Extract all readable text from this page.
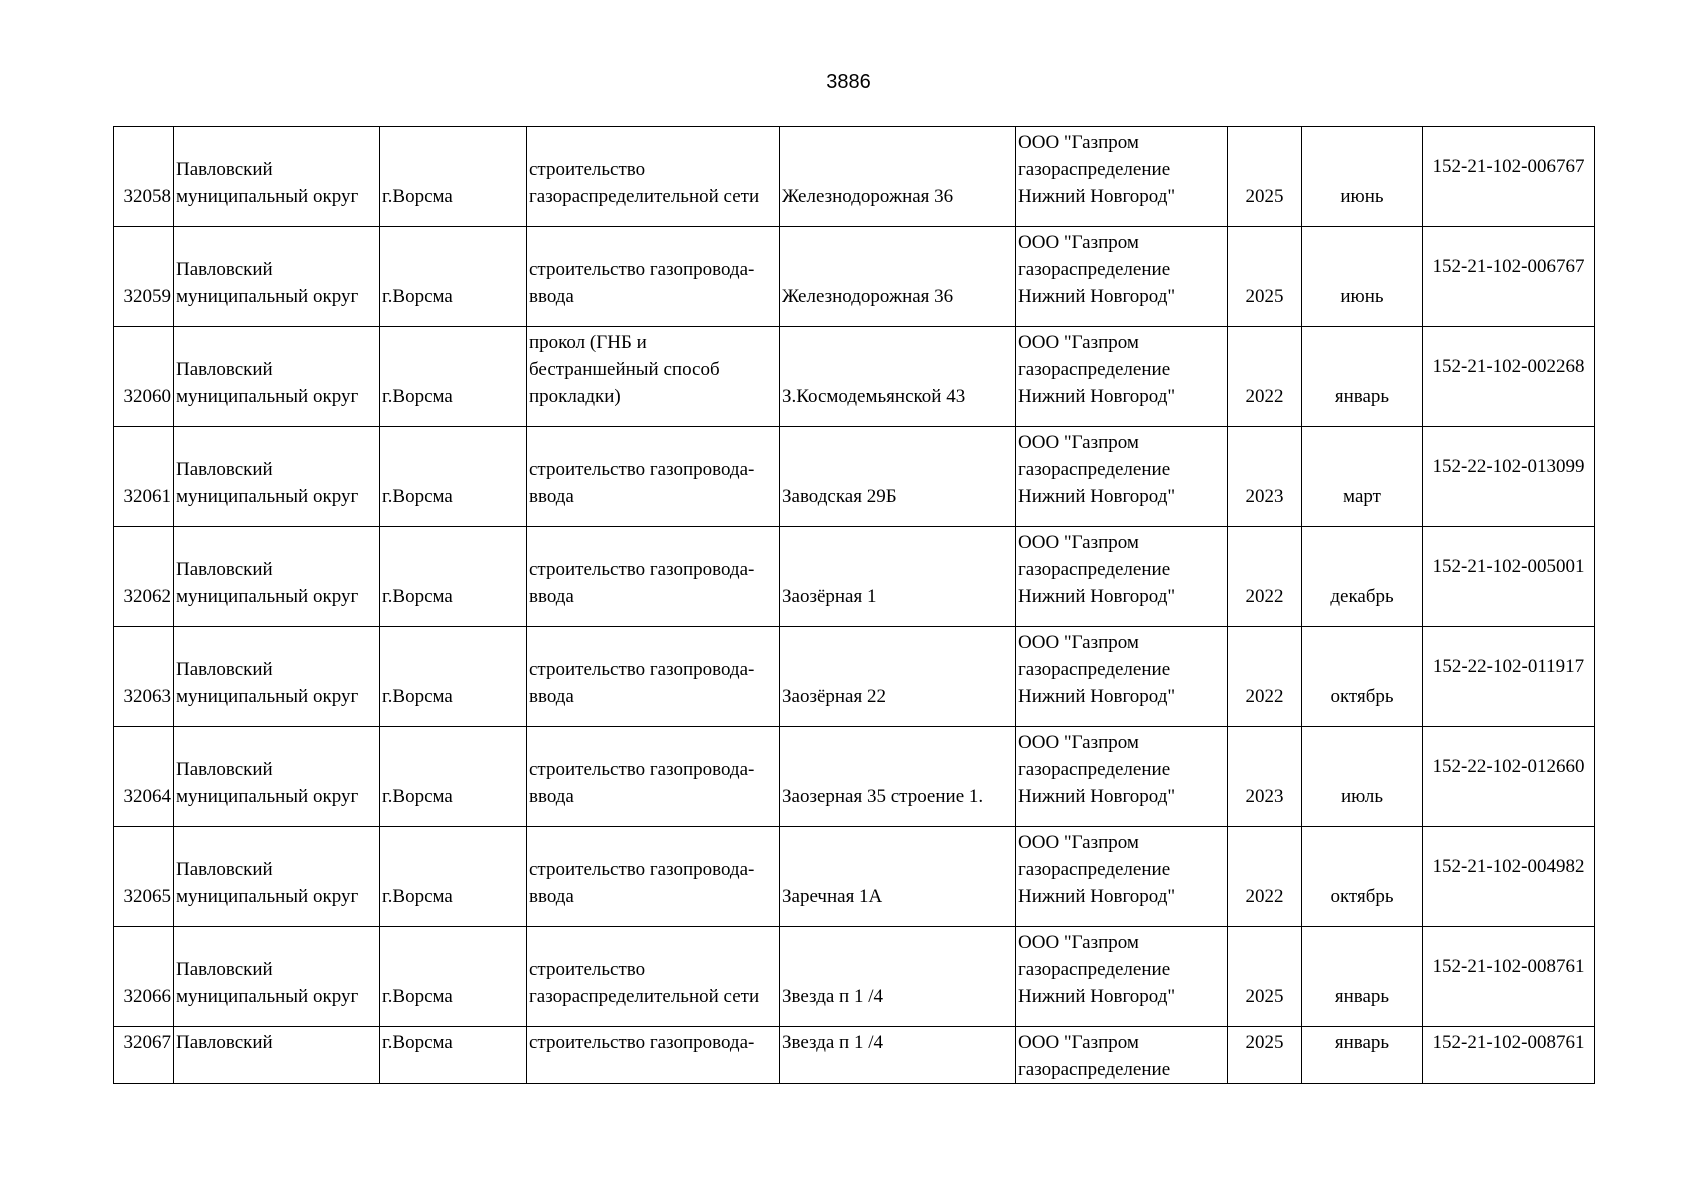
3886
32058	Павловский муниципальный округ	г.Ворсма	строительство
газораспределительной сети	Железнодорожная 36	ООО "Газпром
газораспределение
Нижний Новгород"	2025	июнь	152-21-102-006767
32059	Павловский муниципальный округ	г.Ворсма	строительство газопровода-
ввода	Железнодорожная 36	ООО "Газпром
газораспределение
Нижний Новгород"	2025	июнь	152-21-102-006767
32060	Павловский муниципальный округ	г.Ворсма	прокол (ГНБ и
бестраншейный способ
прокладки)	З.Космодемьянской 43	ООО "Газпром
газораспределение
Нижний Новгород"	2022	январь	152-21-102-002268
32061	Павловский муниципальный округ	г.Ворсма	строительство газопровода-
ввода	Заводская 29Б	ООО "Газпром
газораспределение
Нижний Новгород"	2023	март	152-22-102-013099
32062	Павловский муниципальный округ	г.Ворсма	строительство газопровода-
ввода	Заозёрная 1	ООО "Газпром
газораспределение
Нижний Новгород"	2022	декабрь	152-21-102-005001
32063	Павловский муниципальный округ	г.Ворсма	строительство газопровода-
ввода	Заозёрная 22	ООО "Газпром
газораспределение
Нижний Новгород"	2022	октябрь	152-22-102-011917
32064	Павловский муниципальный округ	г.Ворсма	строительство газопровода-
ввода	Заозерная 35 строение 1.	ООО "Газпром
газораспределение
Нижний Новгород"	2023	июль	152-22-102-012660
32065	Павловский муниципальный округ	г.Ворсма	строительство газопровода-
ввода	Заречная 1А	ООО "Газпром
газораспределение
Нижний Новгород"	2022	октябрь	152-21-102-004982
32066	Павловский муниципальный округ	г.Ворсма	строительство
газораспределительной сети	Звезда п 1 /4	ООО "Газпром
газораспределение
Нижний Новгород"	2025	январь	152-21-102-008761
32067	Павловский	г.Ворсма	строительство газопровода-	Звезда п 1 /4	ООО "Газпром
газораспределение	2025	январь	152-21-102-008761
